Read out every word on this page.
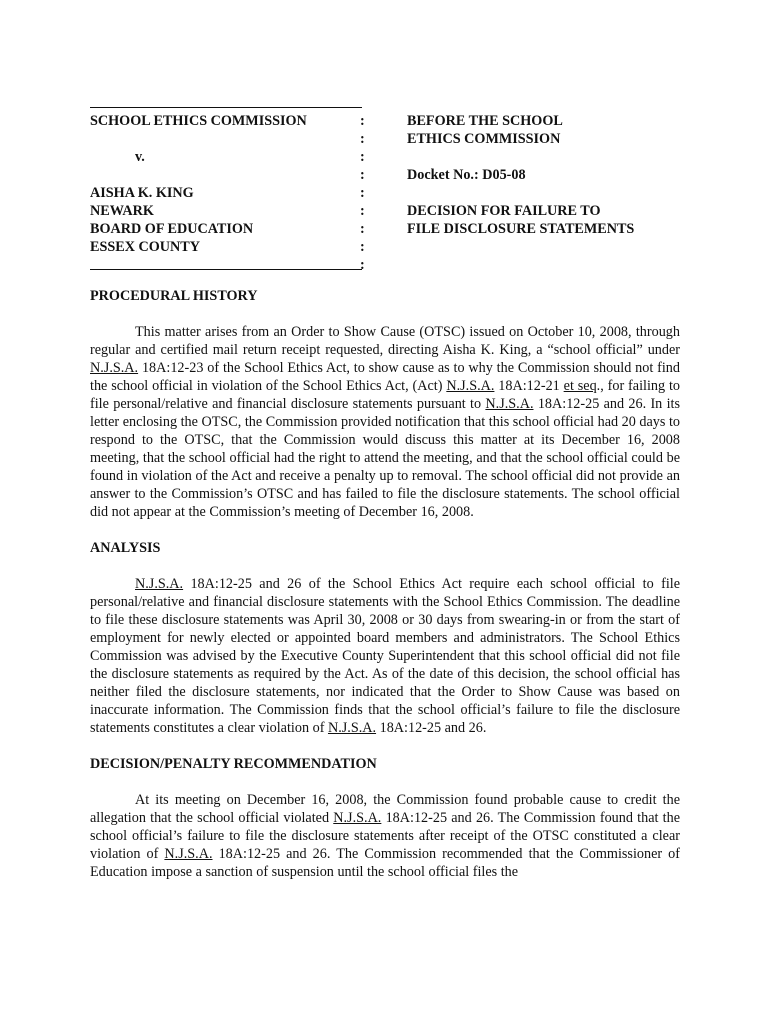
SCHOOL ETHICS COMMISSION
v.
AISHA K. KING
NEWARK
BOARD OF EDUCATION
ESSEX COUNTY
:
:
:
:
:
:
:
:
:
BEFORE THE SCHOOL
ETHICS COMMISSION
Docket No.: D05-08
DECISION FOR FAILURE TO
FILE DISCLOSURE STATEMENTS
PROCEDURAL HISTORY

This matter arises from an Order to Show Cause (OTSC) issued on October 10, 2008, through regular and certified mail return receipt requested, directing Aisha K. King, a “school official” under N.J.S.A. 18A:12-23 of the School Ethics Act, to show cause as to why the Commission should not find the school official in violation of the School Ethics Act, (Act) N.J.S.A. 18A:12-21 et seq., for failing to file personal/relative and financial disclosure statements pursuant to N.J.S.A. 18A:12-25 and 26. In its letter enclosing the OTSC, the Commission provided notification that this school official had 20 days to respond to the OTSC, that the Commission would discuss this matter at its December 16, 2008 meeting, that the school official had the right to attend the meeting, and that the school official could be found in violation of the Act and receive a penalty up to removal. The school official did not provide an answer to the Commission’s OTSC and has failed to file the disclosure statements. The school official did not appear at the Commission’s meeting of December 16, 2008.

ANALYSIS

N.J.S.A. 18A:12-25 and 26 of the School Ethics Act require each school official to file personal/relative and financial disclosure statements with the School Ethics Commission. The deadline to file these disclosure statements was April 30, 2008 or 30 days from swearing-in or from the start of employment for newly elected or appointed board members and administrators. The School Ethics Commission was advised by the Executive County Superintendent that this school official did not file the disclosure statements as required by the Act. As of the date of this decision, the school official has neither filed the disclosure statements, nor indicated that the Order to Show Cause was based on inaccurate information. The Commission finds that the school official’s failure to file the disclosure statements constitutes a clear violation of N.J.S.A. 18A:12-25 and 26.

DECISION/PENALTY RECOMMENDATION

At its meeting on December 16, 2008, the Commission found probable cause to credit the allegation that the school official violated N.J.S.A. 18A:12-25 and 26. The Commission found that the school official’s failure to file the disclosure statements after receipt of the OTSC constituted a clear violation of N.J.S.A. 18A:12-25 and 26. The Commission recommended that the Commissioner of Education impose a sanction of suspension until the school official files the
